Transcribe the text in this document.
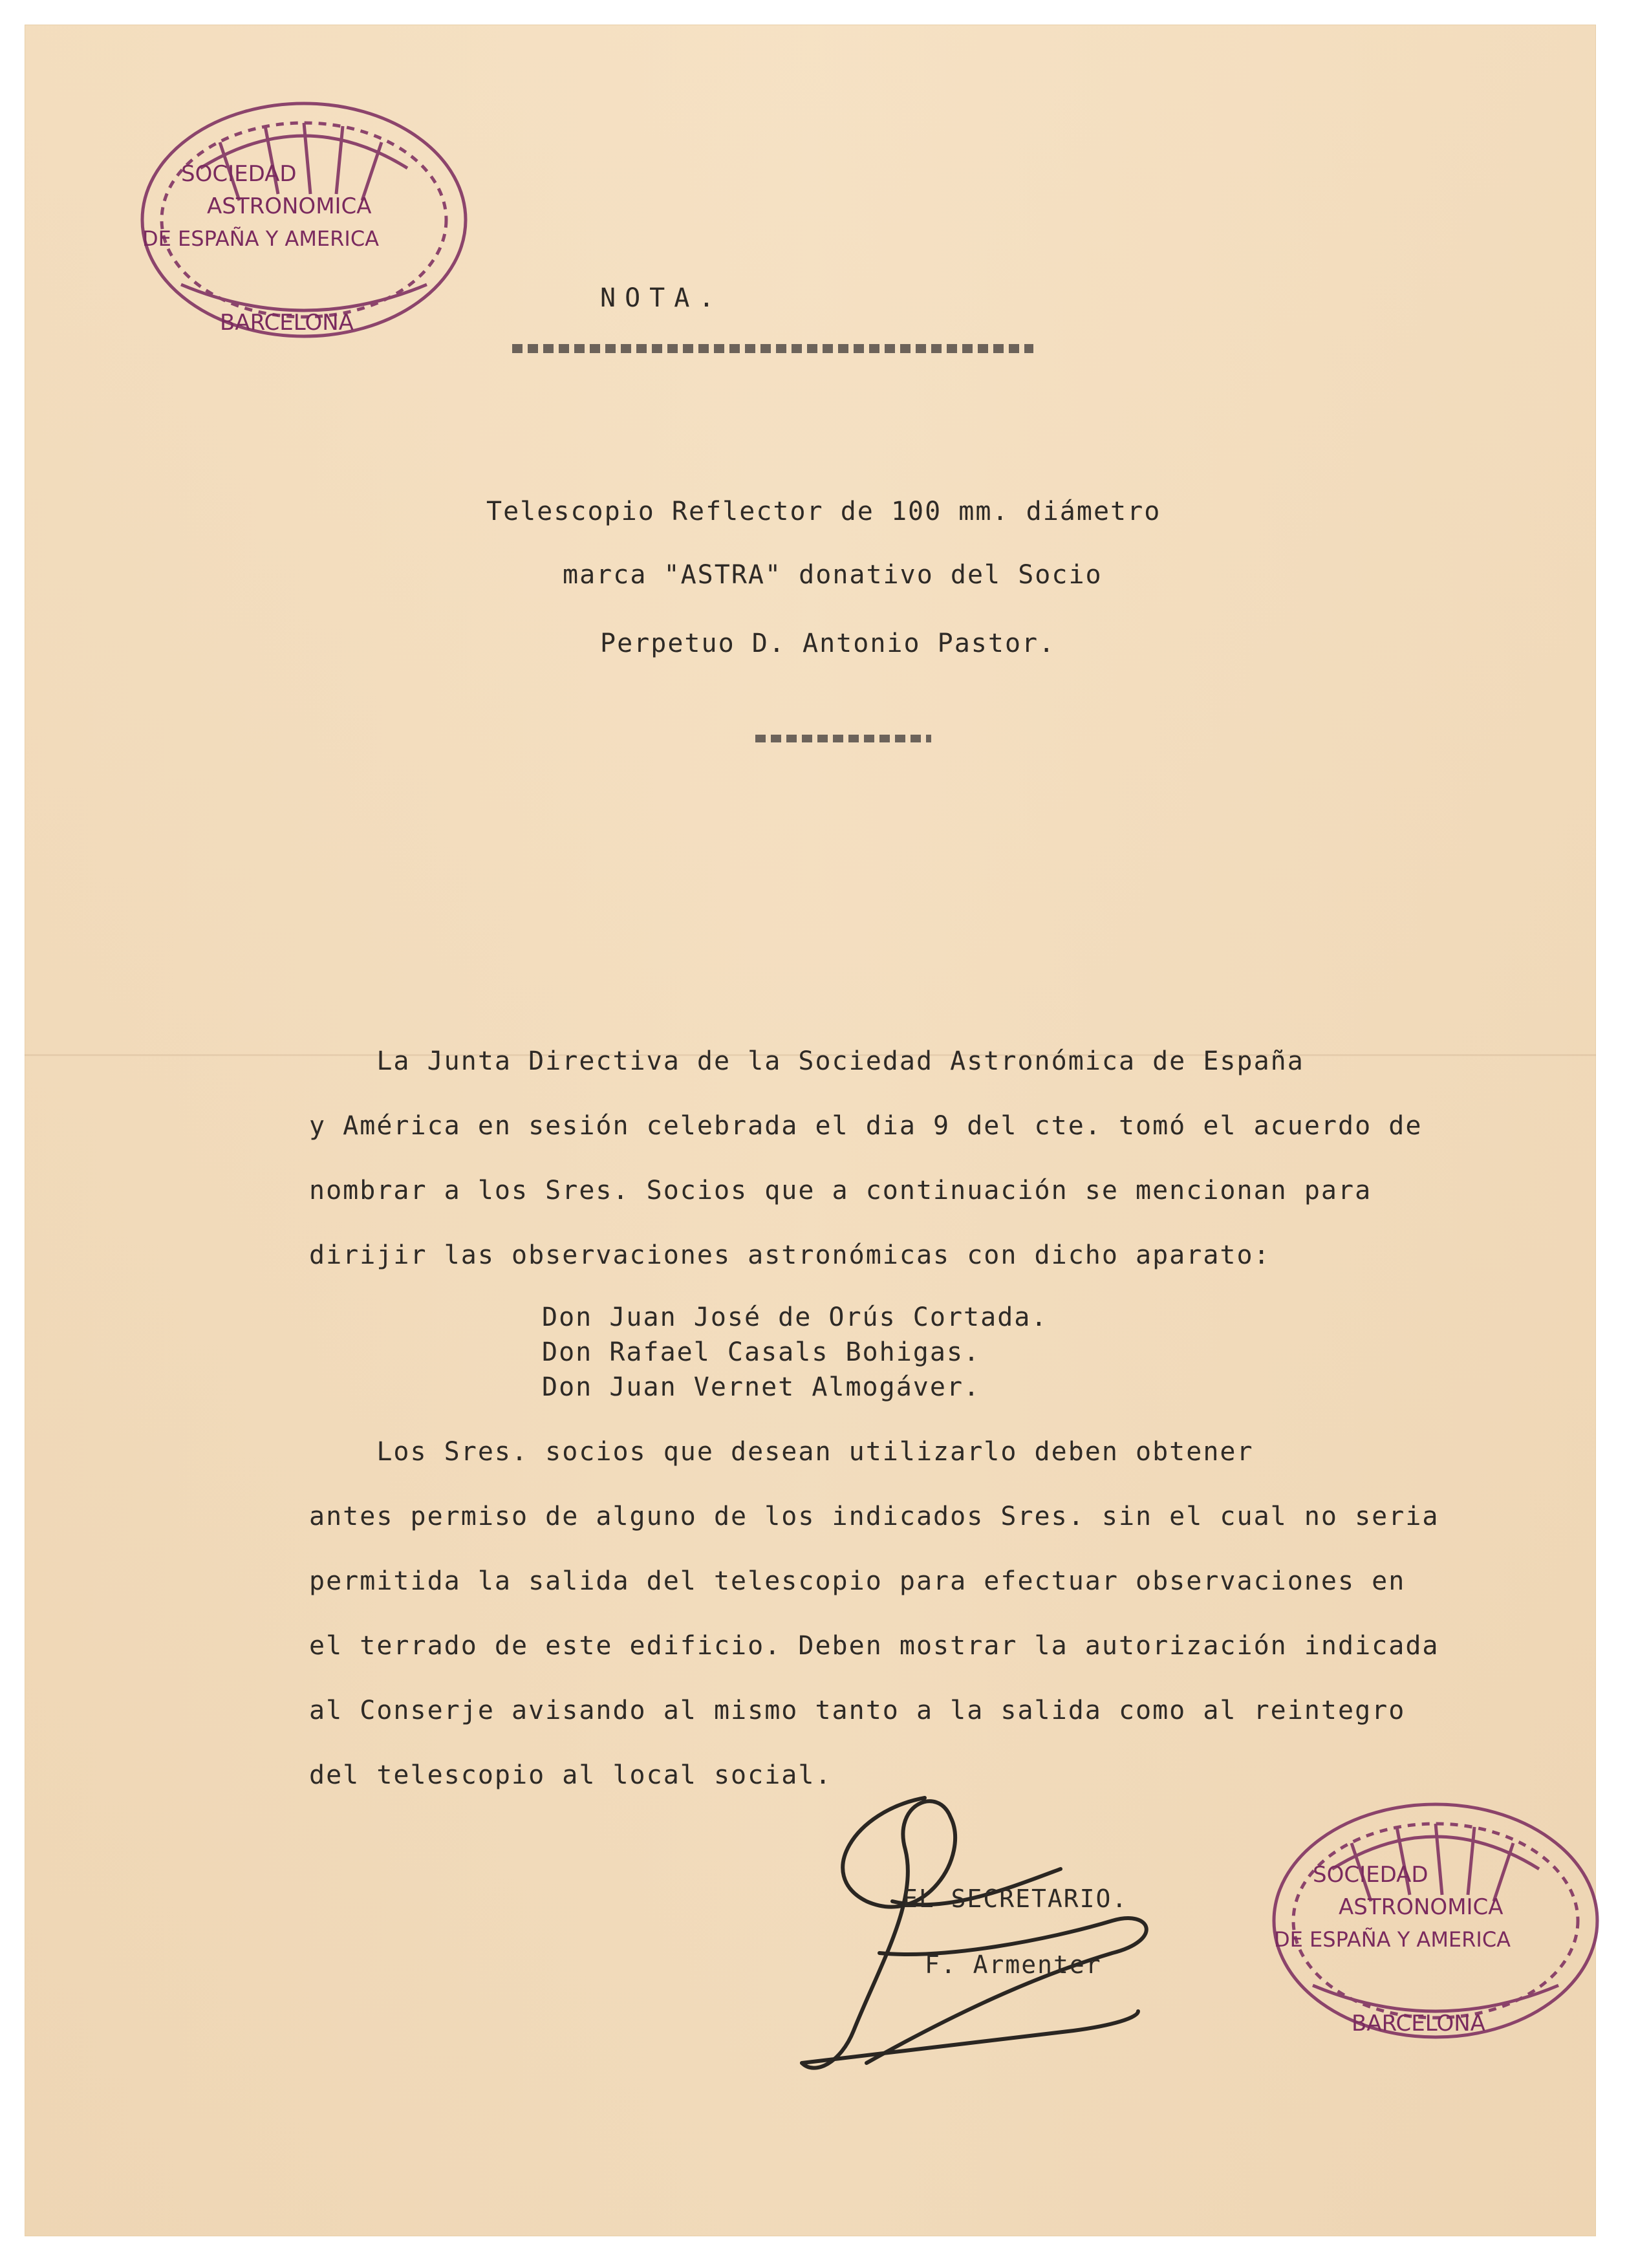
SOCIEDAD
ASTRONOMICA
DE ESPAÑA Y AMERICA
BARCELONA
NOTA.
Telescopio Reflector de 100 mm. diámetro
marca "ASTRA" donativo del Socio
Perpetuo D. Antonio Pastor.
La Junta Directiva de la Sociedad Astronómica de España
y América en sesión celebrada el dia 9 del cte. tomó el acuerdo de
nombrar a los Sres. Socios que a continuación se mencionan para
dirijir las observaciones astronómicas con dicho aparato:
Don Juan José de Orús Cortada.
Don Rafael Casals Bohigas.
Don Juan Vernet Almogáver.
Los Sres. socios que desean utilizarlo deben obtener
antes permiso de alguno de los indicados Sres. sin el cual no seria
permitida la salida del telescopio para efectuar observaciones en
el terrado de este edificio. Deben mostrar la autorización indicada
al Conserje avisando al mismo tanto a la salida como al reintegro
del telescopio al local social.
EL SECRETARIO.
F. Armenter
SOCIEDAD
ASTRONOMICA
DE ESPAÑA Y AMERICA
BARCELONA
